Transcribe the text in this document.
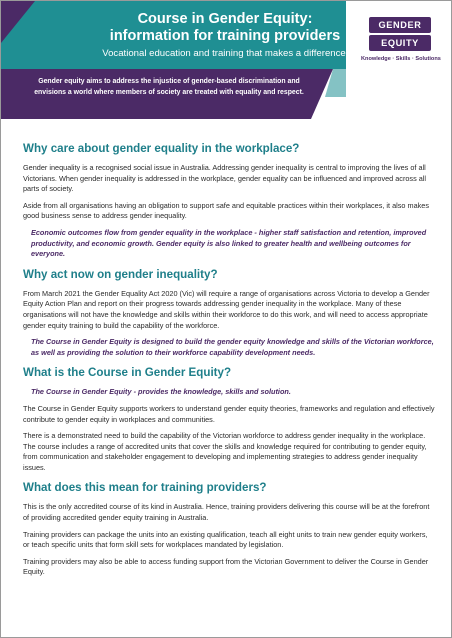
Course in Gender Equity:
information for training providers
Vocational education and training that makes a difference
Gender equity aims to address the injustice of gender-based discrimination and
envisions a world where members of society are treated with equality and respect.
GENDER
EQUITY
Knowledge · Skills · Solutions
Why care about gender equality in the workplace?
Gender inequality is a recognised social issue in Australia. Addressing gender inequality is central to improving the lives of all Victorians. When gender inequality is addressed in the workplace, gender equality can be influenced and improved across all parts of society.
Aside from all organisations having an obligation to support safe and equitable practices within their workplaces, it also makes good business sense to address gender inequality.
Economic outcomes flow from gender equality in the workplace - higher staff satisfaction and retention, improved productivity, and economic growth. Gender equity is also linked to greater health and wellbeing outcomes for everyone.
Why act now on gender inequality?
From March 2021 the Gender Equality Act 2020 (Vic) will require a range of organisations across Victoria to develop a Gender Equity Action Plan and report on their progress towards addressing gender inequality in the workplace. Many of these organisations will not have the knowledge and skills within their workforce to do this work, and will need to access appropriate gender equity training to build the capability of the workforce.
The Course in Gender Equity is designed to build the gender equity knowledge and skills of the Victorian workforce, as well as providing the solution to their workforce capability development needs.
What is the Course in Gender Equity?
The Course in Gender Equity - provides the knowledge, skills and solution.
The Course in Gender Equity supports workers to understand gender equity theories, frameworks and regulation and effectively contribute to gender equity in workplaces and communities.
There is a demonstrated need to build the capability of the Victorian workforce to address gender inequality in the workplace. The course includes a range of accredited units that cover the skills and knowledge required for contributing to gender equity, from communication and stakeholder engagement to developing and implementing strategies to address gender inequality issues.
What does this mean for training providers?
This is the only accredited course of its kind in Australia. Hence, training providers delivering this course will be at the forefront of providing accredited gender equity training in Australia.
Training providers can package the units into an existing qualification, teach all eight units to train new gender equity workers, or teach specific units that form skill sets for workplaces mandated by legislation.
Training providers may also be able to access funding support from the Victorian Government to deliver the Course in Gender Equity.
